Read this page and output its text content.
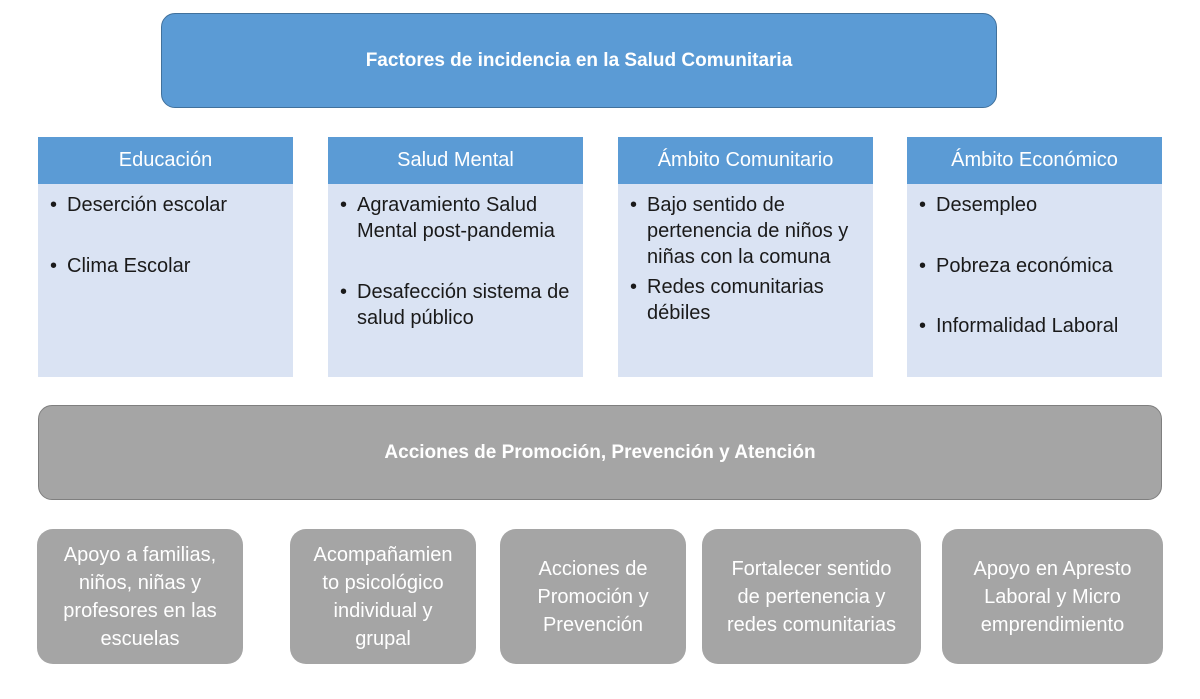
Factores de incidencia en la Salud Comunitaria
Educación
• Deserción escolar
• Clima Escolar
Salud Mental
• Agravamiento Salud Mental post-pandemia
• Desafección sistema de salud público
Ámbito Comunitario
• Bajo sentido de pertenencia de niños y niñas con la comuna
• Redes comunitarias débiles
Ámbito Económico
• Desempleo
• Pobreza económica
• Informalidad Laboral
Acciones de Promoción, Prevención y Atención
Apoyo a familias,
niños, niñas y
profesores en las
escuelas
Acompañamien
to psicológico
individual y
grupal
Acciones de
Promoción y
Prevención
Fortalecer sentido
de pertenencia y
redes comunitarias
Apoyo en Apresto
Laboral y Micro
emprendimiento
